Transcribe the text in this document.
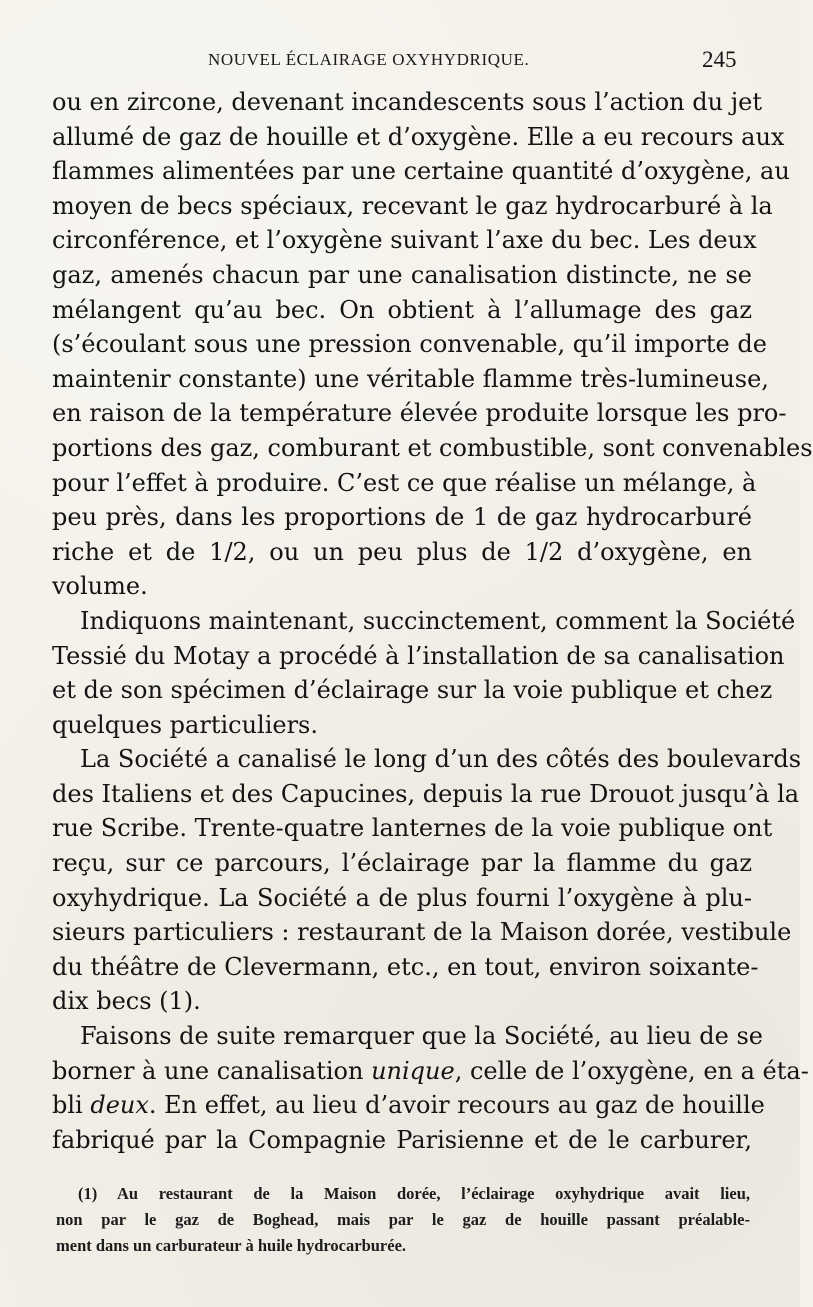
NOUVEL ÉCLAIRAGE OXYHYDRIQUE.	245
ou en zircone, devenant incandescents sous l’action du jet
allumé de gaz de houille et d’oxygène. Elle a eu recours aux
flammes alimentées par une certaine quantité d’oxygène, au
moyen de becs spéciaux, recevant le gaz hydrocarburé à la
circonférence, et l’oxygène suivant l’axe du bec. Les deux
gaz, amenés chacun par une canalisation distincte, ne se
mélangent qu’au bec. On obtient à l’allumage des gaz
(s’écoulant sous une pression convenable, qu’il importe de
maintenir constante) une véritable flamme très-lumineuse,
en raison de la température élevée produite lorsque les pro-
portions des gaz, comburant et combustible, sont convenables
pour l’effet à produire. C’est ce que réalise un mélange, à
peu près, dans les proportions de 1 de gaz hydrocarburé
riche et de 1/2, ou un peu plus de 1/2 d’oxygène, en
volume.
Indiquons maintenant, succinctement, comment la Société
Tessié du Motay a procédé à l’installation de sa canalisation
et de son spécimen d’éclairage sur la voie publique et chez
quelques particuliers.
La Société a canalisé le long d’un des côtés des boulevards
des Italiens et des Capucines, depuis la rue Drouot jusqu’à la
rue Scribe. Trente-quatre lanternes de la voie publique ont
reçu, sur ce parcours, l’éclairage par la flamme du gaz
oxyhydrique. La Société a de plus fourni l’oxygène à plu-
sieurs particuliers : restaurant de la Maison dorée, vestibule
du théâtre de Clevermann, etc., en tout, environ soixante-
dix becs (1).
Faisons de suite remarquer que la Société, au lieu de se
borner à une canalisation unique, celle de l’oxygène, en a éta-
bli deux. En effet, au lieu d’avoir recours au gaz de houille
fabriqué par la Compagnie Parisienne et de le carburer,
(1) Au restaurant de la Maison dorée, l’éclairage oxyhydrique avait lieu,
non par le gaz de Boghead, mais par le gaz de houille passant préalable-
ment dans un carburateur à huile hydrocarburée.
